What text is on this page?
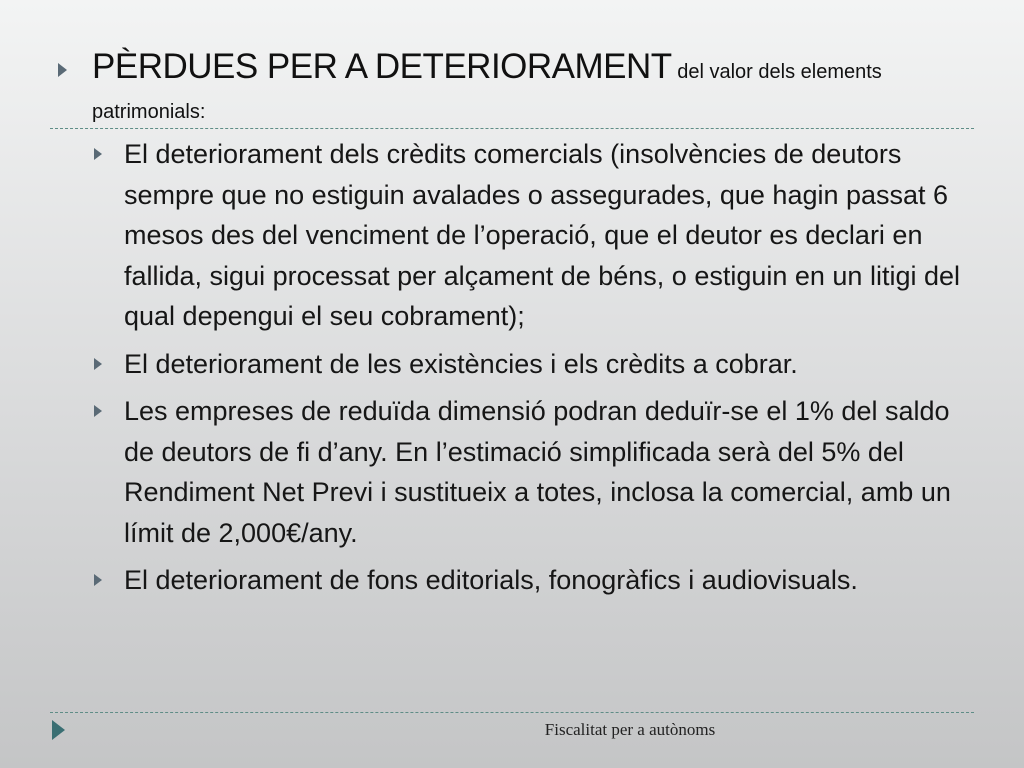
PÈRDUES PER A DETERIORAMENT del valor dels elements patrimonials:
El deteriorament dels crèdits comercials (insolvències de deutors sempre que no estiguin avalades o assegurades, que hagin passat 6 mesos des del venciment de l’operació, que el deutor es declari en fallida, sigui processat per alçament de béns, o estiguin en un litigi del qual depengui el seu cobrament);
El deteriorament de les existències i els crèdits a cobrar.
Les empreses de reduïda dimensió podran deduïr-se el 1% del saldo de deutors de fi d’any. En l’estimació simplificada serà del 5% del Rendiment Net Previ i sustitueix a totes, inclosa la comercial, amb un límit de 2,000€/any.
El deteriorament de fons editorials, fonogràfics i audiovisuals.
Fiscalitat per a autònoms
